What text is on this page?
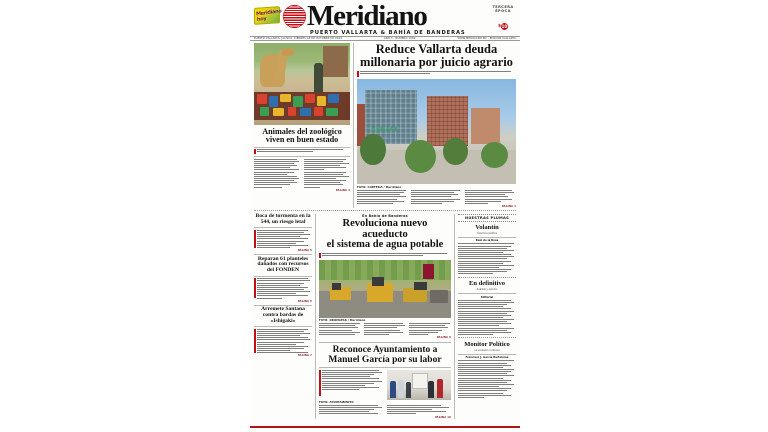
Meridiano
hoy Meridiano
PUERTO VALLARTA & BAHÍA DE BANDERAS
TERCERA
ÉPOCA
$10
PUERTO VALLARTA, JALISCO. VIERNES 18 DE OCTUBRE DE 2024	AÑO 3 · NÚMERO 1082	WWW.MERIDIANO.MX · EDICIÓN VALLARTA
Animales del zoológico
viven en buen estado
PÁGINA 3
Reduce Vallarta deuda
millonaria por juicio agrario
DEMACE
FOTO: CORTESÍA / Meridiano
PÁGINA 4
Boca de tormenta en la 544, un riesgo letal
PÁGINA 5
Reparan 61 planteles dañados con recursos del FONDEN
PÁGINA 6
Arremete Santana contra bardas de «Ishigaki»
PÁGINA 7
En Bahía de Banderas
Revoluciona nuevo acueducto
el sistema de agua potable
FOTO: OROMAPAS / Meridiano
PÁGINA 8
Reconoce Ayuntamiento a
Manuel García por su labor
FOTO: AYUNTAMIENTO
PÁGINA 10
NUESTRAS PLUMAS
Volantín
Columna política
Raúl de la Rosa
En definitivo
Análisis y opinión
Editorial
Monitor Político
La sucesión continúa
Francisco J. García Bartolomé
